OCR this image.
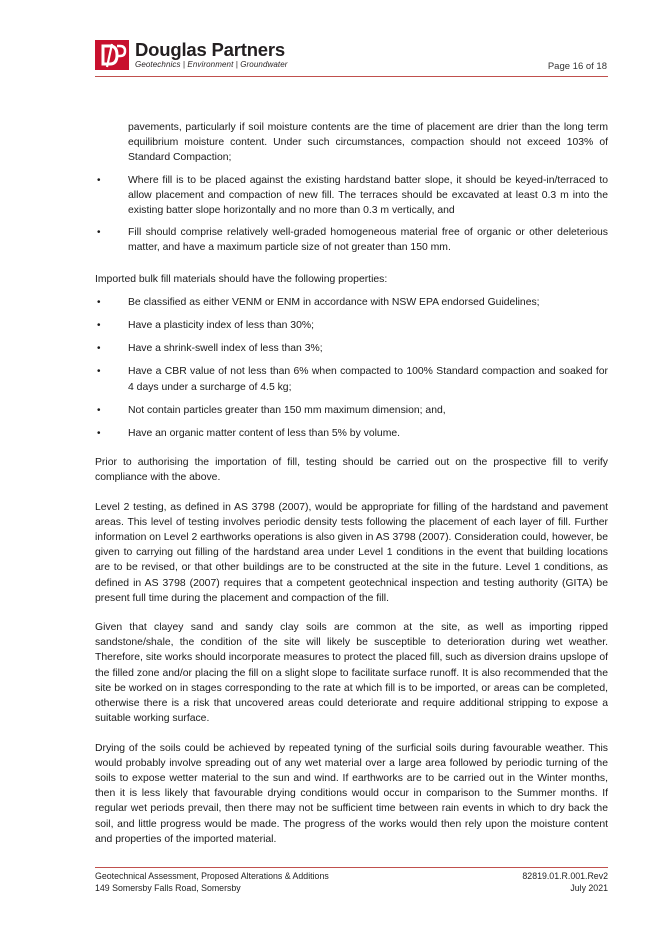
Douglas Partners
Geotechnics | Environment | Groundwater	Page 16 of 18

pavements, particularly if soil moisture contents are the time of placement are drier than the long term equilibrium moisture content. Under such circumstances, compaction should not exceed 103% of Standard Compaction;

•	Where fill is to be placed against the existing hardstand batter slope, it should be keyed-in/terraced to allow placement and compaction of new fill. The terraces should be excavated at least 0.3 m into the existing batter slope horizontally and no more than 0.3 m vertically, and
•	Fill should comprise relatively well-graded homogeneous material free of organic or other deleterious matter, and have a maximum particle size of not greater than 150 mm.

Imported bulk fill materials should have the following properties:

•	Be classified as either VENM or ENM in accordance with NSW EPA endorsed Guidelines;
•	Have a plasticity index of less than 30%;
•	Have a shrink-swell index of less than 3%;
•	Have a CBR value of not less than 6% when compacted to 100% Standard compaction and soaked for 4 days under a surcharge of 4.5 kg;
•	Not contain particles greater than 150 mm maximum dimension; and,
•	Have an organic matter content of less than 5% by volume.

Prior to authorising the importation of fill, testing should be carried out on the prospective fill to verify compliance with the above.

Level 2 testing, as defined in AS 3798 (2007), would be appropriate for filling of the hardstand and pavement areas. This level of testing involves periodic density tests following the placement of each layer of fill. Further information on Level 2 earthworks operations is also given in AS 3798 (2007). Consideration could, however, be given to carrying out filling of the hardstand area under Level 1 conditions in the event that building locations are to be revised, or that other buildings are to be constructed at the site in the future. Level 1 conditions, as defined in AS 3798 (2007) requires that a competent geotechnical inspection and testing authority (GITA) be present full time during the placement and compaction of the fill.

Given that clayey sand and sandy clay soils are common at the site, as well as importing ripped sandstone/shale, the condition of the site will likely be susceptible to deterioration during wet weather. Therefore, site works should incorporate measures to protect the placed fill, such as diversion drains upslope of the filled zone and/or placing the fill on a slight slope to facilitate surface runoff. It is also recommended that the site be worked on in stages corresponding to the rate at which fill is to be imported, or areas can be completed, otherwise there is a risk that uncovered areas could deteriorate and require additional stripping to expose a suitable working surface.

Drying of the soils could be achieved by repeated tyning of the surficial soils during favourable weather. This would probably involve spreading out of any wet material over a large area followed by periodic turning of the soils to expose wetter material to the sun and wind. If earthworks are to be carried out in the Winter months, then it is less likely that favourable drying conditions would occur in comparison to the Summer months. If regular wet periods prevail, then there may not be sufficient time between rain events in which to dry back the soil, and little progress would be made. The progress of the works would then rely upon the moisture content and properties of the imported material.

Geotechnical Assessment, Proposed Alterations & Additions
149 Somersby Falls Road, Somersby
82819.01.R.001.Rev2
July 2021
